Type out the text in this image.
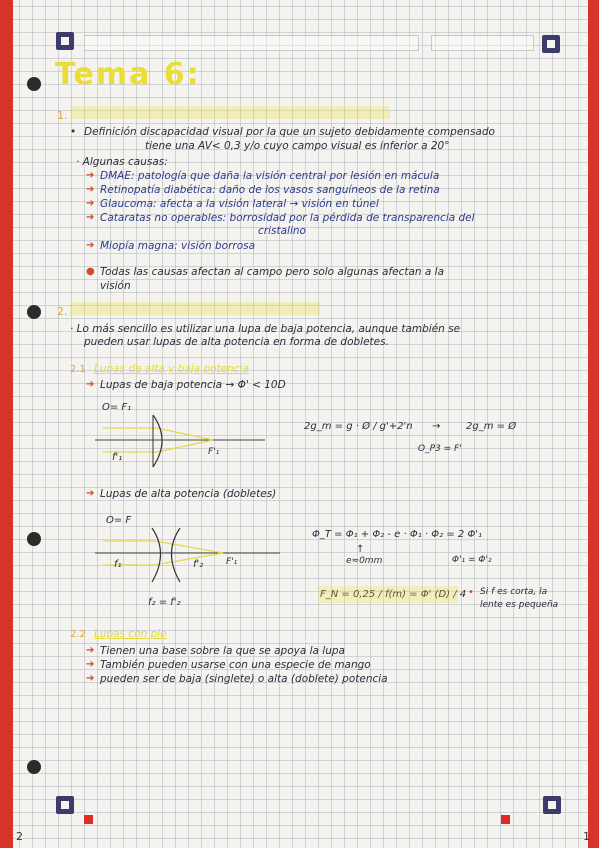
Tema 6:
1.
• Definición discapacidad visual por la que un sujeto debidamente compensado
tiene una AV< 0,3 y/o cuyo campo visual es inferior a 20°
· Algunas causas:
➔ DMAE: patología que daña la visión central por lesión en mácula
➔ Retinopatía diabética: daño de los vasos sanguíneos de la retina
➔ Glaucoma: afecta a la visión lateral → visión en túnel
➔ Cataratas no operables: borrosidad por la pérdida de transparencia del
cristalino
➔ Miopía magna: visión borrosa
● Todas las causas afectan al campo pero solo algunas afectan a la
visión
2.
· Lo más sencillo es utilizar una lupa de baja potencia, aunque también se
pueden usar lupas de alta potencia en forma de dobletes.
2.1 Lupas de alta y baja potencia
➔ Lupas de baja potencia → Φ' < 10D
O= F₁
f'₁	F'₁
2g_m = g · Ø / g'+2'n →	2g_m = Ø
O_P3 = F'
➔ Lupas de alta potencia (dobletes)
O= F
f₁	f'₂	F'₁
f₂ = f'₂
Φ_T = Φ₁ + Φ₂ - e · Φ₁ · Φ₂ = 2 Φ'₁
↑
e≈0mm	Φ'₁ = Φ'₂
F_N = 0,25 / f(m) = Φ' (D) / 4 • Si f es corta, la
lente es pequeña
2.2 Lupas con pie
➔ Tienen una base sobre la que se apoya la lupa
➔ También pueden usarse con una especie de mango
➔ pueden ser de baja (singlete) o alta (doblete) potencia
2	1
